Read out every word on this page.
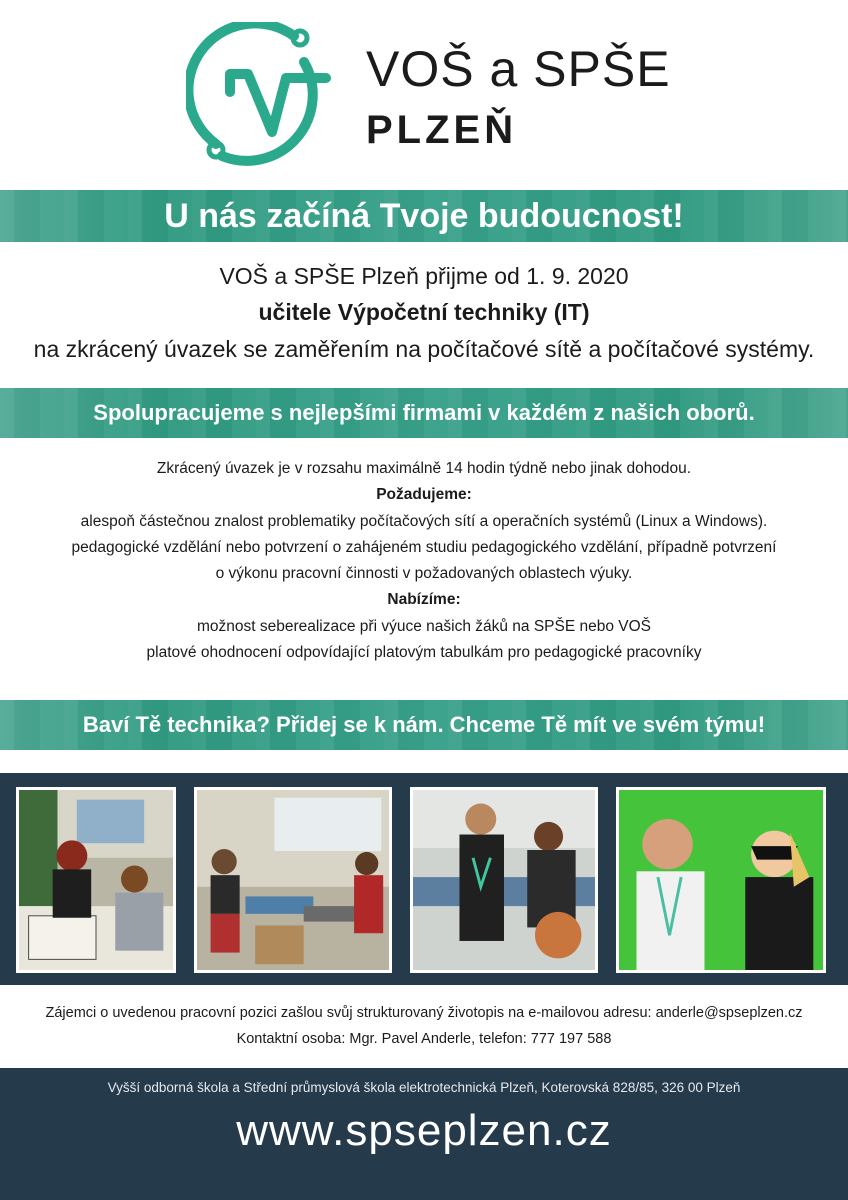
VOŠ a SPŠE
PLZEŇ
U nás začíná Tvoje budoucnost!
VOŠ a SPŠE Plzeň přijme od 1. 9. 2020
učitele Výpočetní techniky (IT)
na zkrácený úvazek se zaměřením na počítačové sítě a počítačové systémy.
Spolupracujeme s nejlepšími firmami v každém z našich oborů.
Zkrácený úvazek je v rozsahu maximálně 14 hodin týdně nebo jinak dohodou.
Požadujeme:
alespoň částečnou znalost problematiky počítačových sítí a operačních systémů (Linux a Windows).
pedagogické vzdělání nebo potvrzení o zahájeném studiu pedagogického vzdělání, případně potvrzení
o výkonu pracovní činnosti v požadovaných oblastech výuky.
Nabízíme:
možnost seberealizace při výuce našich žáků na SPŠE nebo VOŠ
platové ohodnocení odpovídající platovým tabulkám pro pedagogické pracovníky
Baví Tě technika? Přidej se k nám. Chceme Tě mít ve svém týmu!
Zájemci o uvedenou pracovní pozici zašlou svůj strukturovaný životopis na e-mailovou adresu: anderle@spseplzen.cz
Kontaktní osoba: Mgr. Pavel Anderle, telefon: 777 197 588
Vyšší odborná škola a Střední průmyslová škola elektrotechnická Plzeň, Koterovská 828/85, 326 00 Plzeň
www.spseplzen.cz
